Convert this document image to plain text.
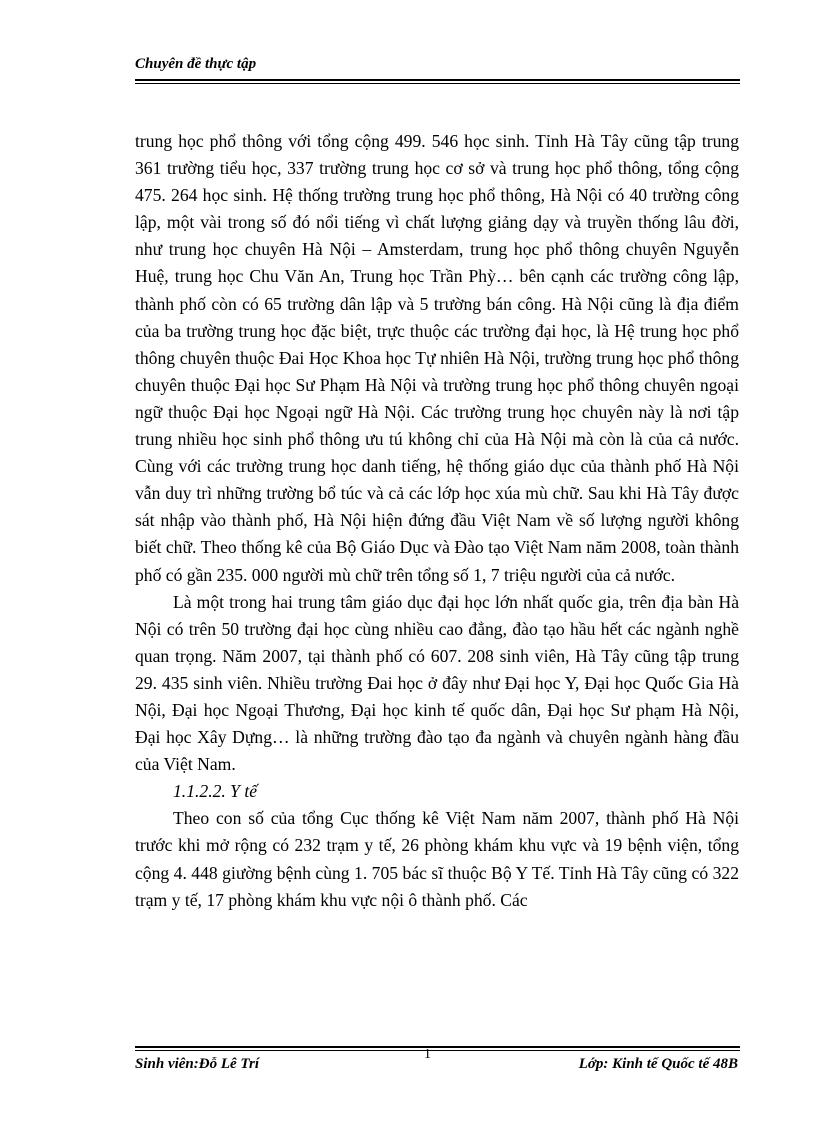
Chuyên đề thực tập

trung học phổ thông với tổng cộng 499. 546 học sinh. Tỉnh Hà Tây cũng tập trung 361 trường tiểu học, 337 trường trung học cơ sở và trung học phổ thông, tổng cộng 475. 264 học sinh. Hệ thống trường trung học phổ thông, Hà Nội có 40 trường công lập, một vài trong số đó nổi tiếng vì chất lượng giảng dạy và truyền thống lâu đời, như trung học chuyên Hà Nội – Amsterdam, trung học phổ thông chuyên Nguyễn Huệ, trung học Chu Văn An, Trung học Trần Phỳ… bên cạnh các trường công lập, thành phố còn có 65 trường dân lập và 5 trường bán công. Hà Nội cũng là địa điểm của ba trường trung học đặc biệt, trực thuộc các trường đại học, là Hệ trung học phổ thông chuyên thuộc Đai Học Khoa học Tự nhiên Hà Nội, trường trung học phổ thông chuyên thuộc Đại học Sư Phạm Hà Nội và trường trung học phổ thông chuyên ngoại ngữ thuộc Đại học Ngoại ngữ Hà Nội. Các trường trung học chuyên này là nơi tập trung nhiều học sinh phổ thông ưu tú không chỉ của Hà Nội mà còn là của cả nước. Cùng với các trường trung học danh tiếng, hệ thống giáo dục của thành phố Hà Nội vẫn duy trì những trường bổ túc và cả các lớp học xúa mù chữ. Sau khi Hà Tây được sát nhập vào thành phố, Hà Nội hiện đứng đầu Việt Nam về số lượng người không biết chữ. Theo thống kê của Bộ Giáo Dục và Đào tạo Việt Nam năm 2008, toàn thành phố có gần 235. 000 người mù chữ trên tổng số 1, 7 triệu người của cả nước.

Là một trong hai trung tâm giáo dục đại học lớn nhất quốc gia, trên địa bàn Hà Nội có trên 50 trường đại học cùng nhiều cao đẳng, đào tạo hầu hết các ngành nghề quan trọng. Năm 2007, tại thành phố có 607. 208 sinh viên, Hà Tây cũng tập trung 29. 435 sinh viên. Nhiều trường Đai học ở đây như Đại học Y, Đại học Quốc Gia Hà Nội, Đại học Ngoại Thương, Đại học kinh tế quốc dân, Đại học Sư phạm Hà Nội, Đại học Xây Dựng… là những trường đào tạo đa ngành và chuyên ngành hàng đầu của Việt Nam.

1.1.2.2. Y tế

Theo con số của tổng Cục thống kê Việt Nam năm 2007, thành phố Hà Nội trước khi mở rộng có 232 trạm y tế, 26 phòng khám khu vực và 19 bệnh viện, tổng cộng 4. 448 giường bệnh cùng 1. 705 bác sĩ thuộc Bộ Y Tế. Tỉnh Hà Tây cũng có 322 trạm y tế, 17 phòng khám khu vực nội ô thành phố. Các

Sinh viên:Đỗ Lê Trí
1
Lớp: Kinh tế Quốc tế 48B
